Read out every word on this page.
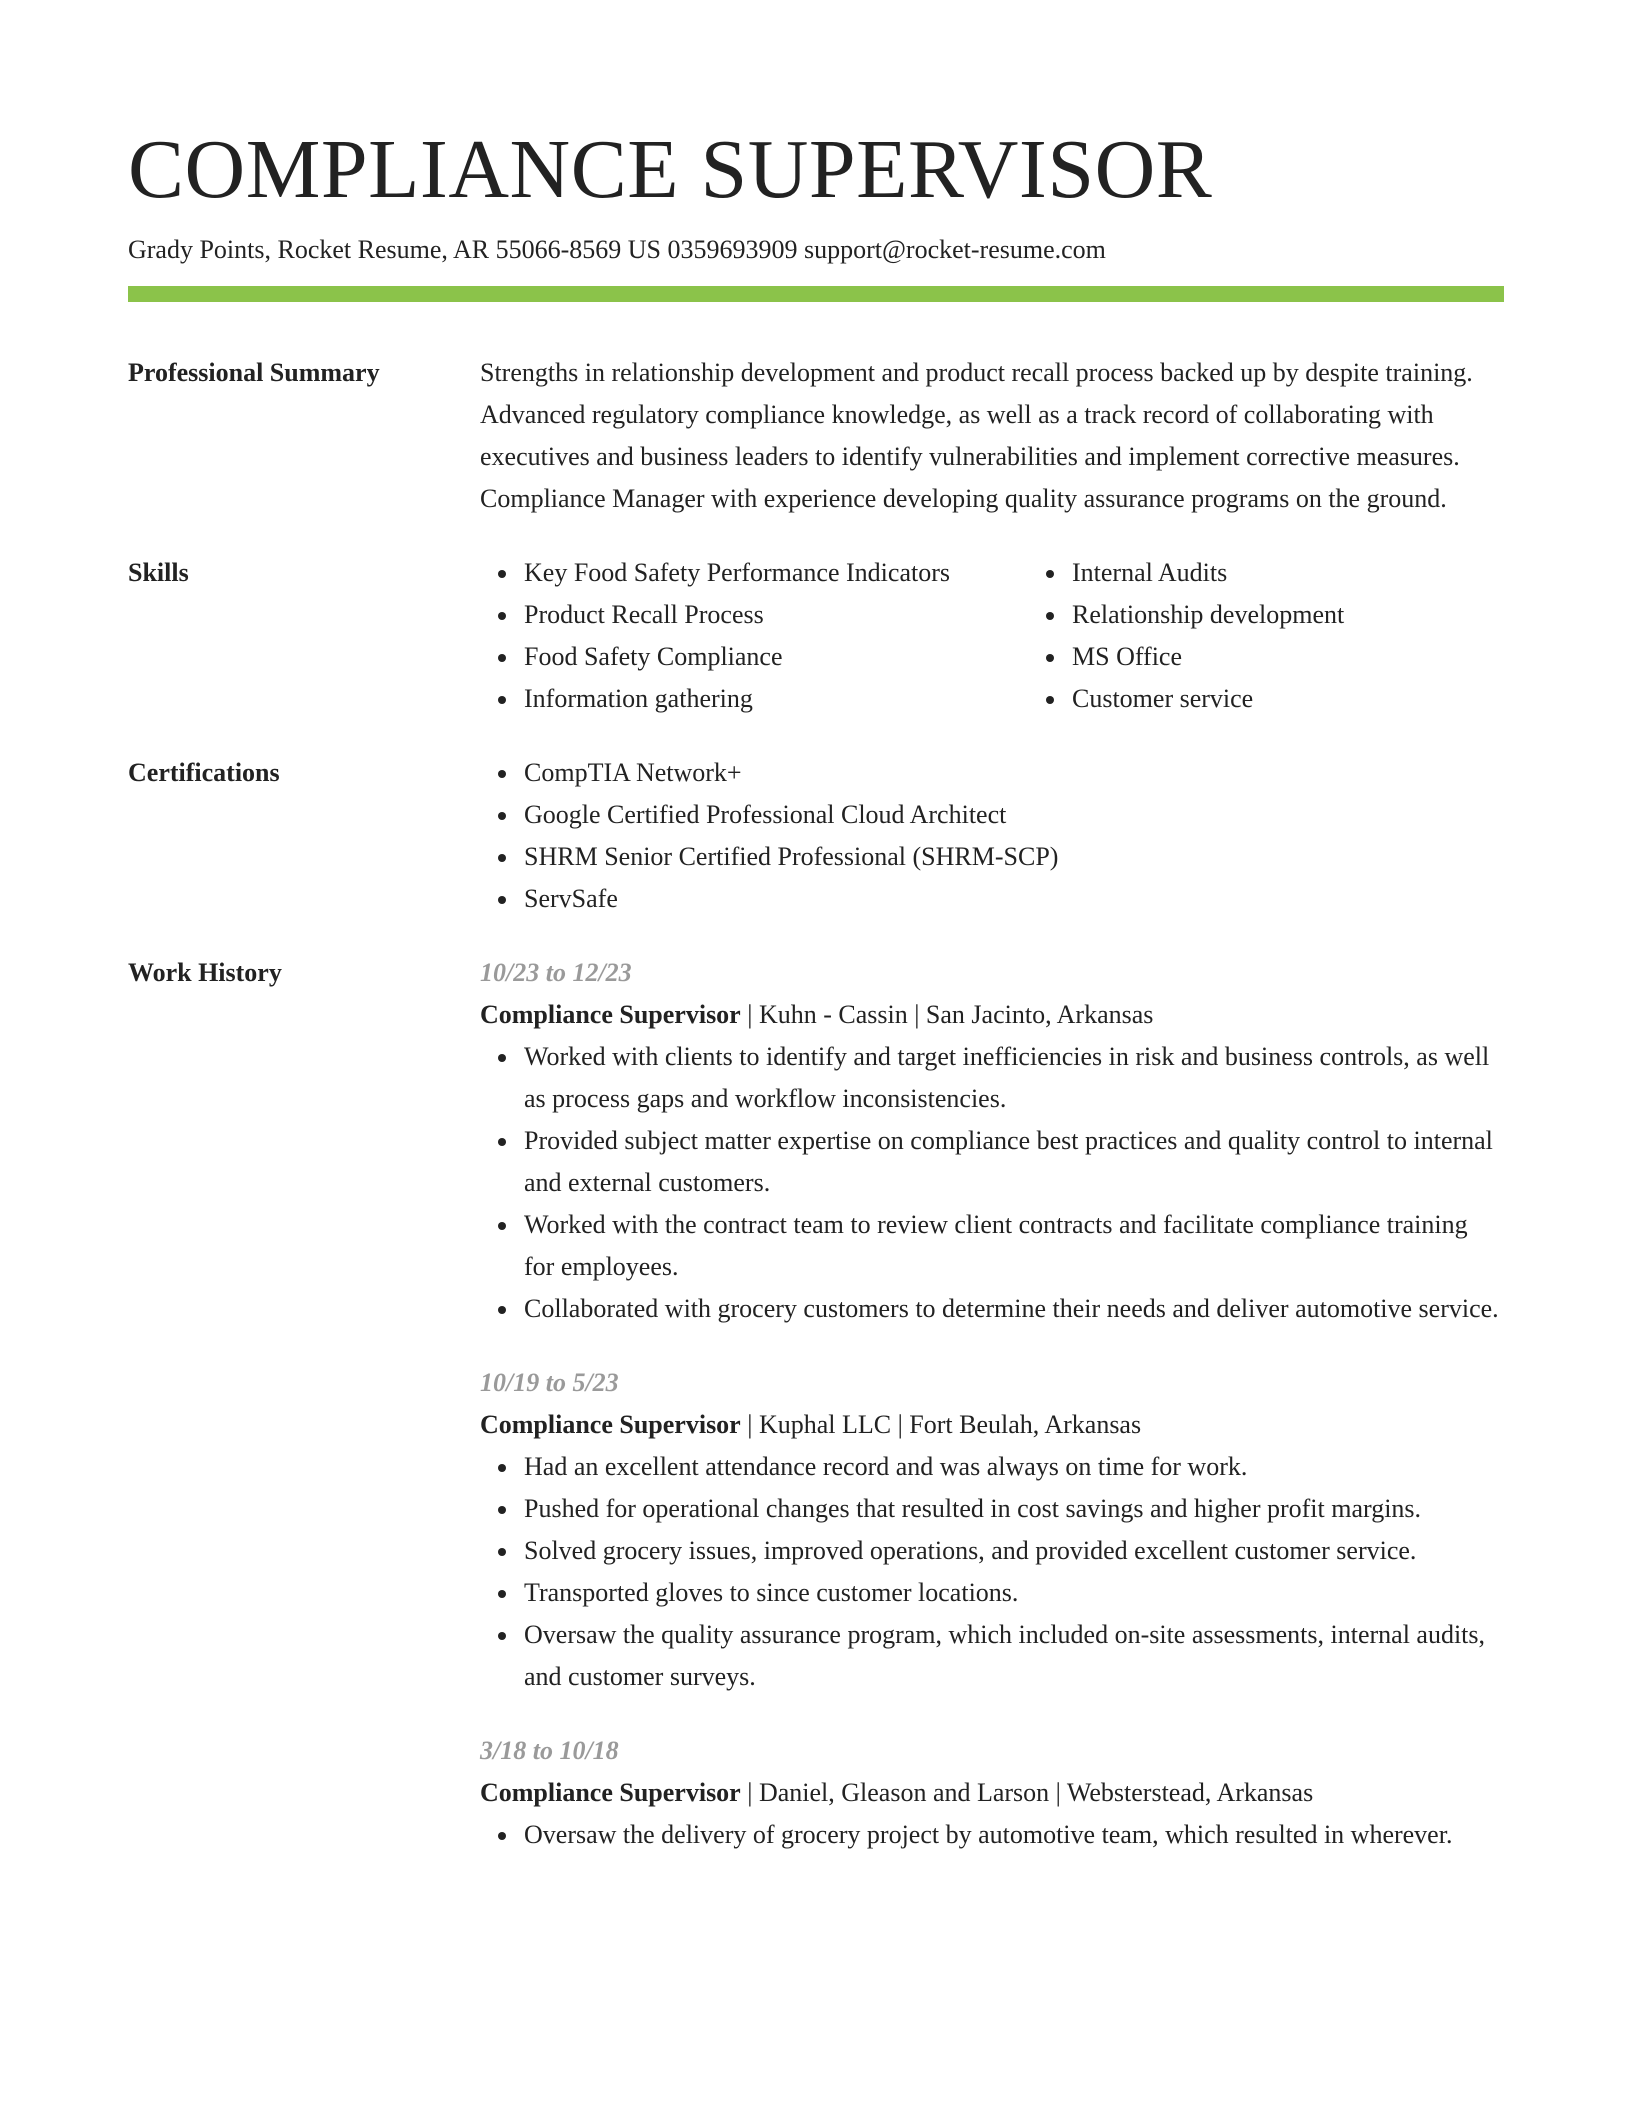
COMPLIANCE SUPERVISOR
Grady Points, Rocket Resume, AR 55066-8569 US 0359693909 support@rocket-resume.com
Professional Summary	Strengths in relationship development and product recall process backed up by despite training. Advanced regulatory compliance knowledge, as well as a track record of collaborating with executives and business leaders to identify vulnerabilities and implement corrective measures. Compliance Manager with experience developing quality assurance programs on the ground.
Skills	Key Food Safety Performance Indicators
Product Recall Process
Food Safety Compliance
Information gathering
Internal Audits
Relationship development
MS Office
Customer service
Certifications	CompTIA Network+
Google Certified Professional Cloud Architect
SHRM Senior Certified Professional (SHRM-SCP)
ServSafe
Work History	10/23 to 12/23
Compliance Supervisor | Kuhn - Cassin | San Jacinto, Arkansas
Worked with clients to identify and target inefficiencies in risk and business controls, as well as process gaps and workflow inconsistencies.
Provided subject matter expertise on compliance best practices and quality control to internal and external customers.
Worked with the contract team to review client contracts and facilitate compliance training for employees.
Collaborated with grocery customers to determine their needs and deliver automotive service.
10/19 to 5/23
Compliance Supervisor | Kuphal LLC | Fort Beulah, Arkansas
Had an excellent attendance record and was always on time for work.
Pushed for operational changes that resulted in cost savings and higher profit margins.
Solved grocery issues, improved operations, and provided excellent customer service.
Transported gloves to since customer locations.
Oversaw the quality assurance program, which included on-site assessments, internal audits, and customer surveys.
3/18 to 10/18
Compliance Supervisor | Daniel, Gleason and Larson | Websterstead, Arkansas
Oversaw the delivery of grocery project by automotive team, which resulted in wherever.
